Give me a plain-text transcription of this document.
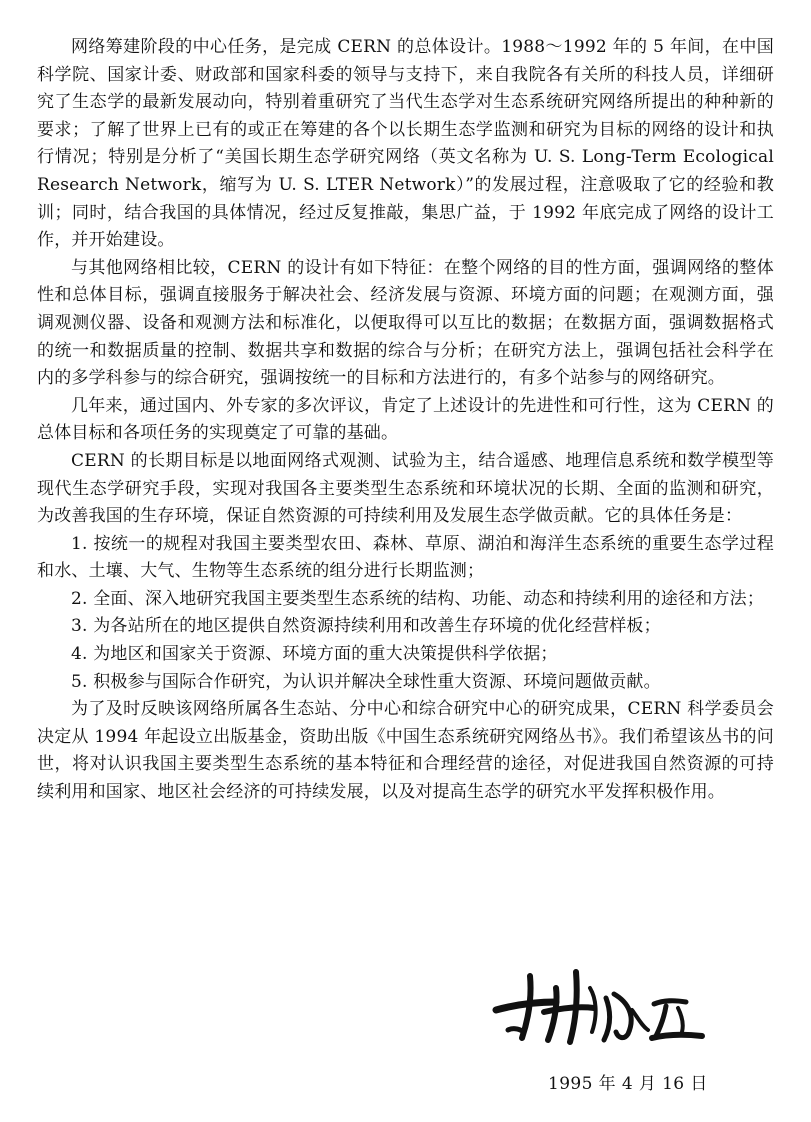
网络筹建阶段的中心任务，是完成 CERN 的总体设计。1988～1992 年的 5 年间，在中国科学院、国家计委、财政部和国家科委的领导与支持下，来自我院各有关所的科技人员，详细研究了生态学的最新发展动向，特别着重研究了当代生态学对生态系统研究网络所提出的种种新的要求；了解了世界上已有的或正在筹建的各个以长期生态学监测和研究为目标的网络的设计和执行情况；特别是分析了“美国长期生态学研究网络（英文名称为 U. S. Long-Term Ecological Research Network，缩写为 U. S. LTER Network）”的发展过程，注意吸取了它的经验和教训；同时，结合我国的具体情况，经过反复推敲，集思广益，于 1992 年底完成了网络的设计工作，并开始建设。

与其他网络相比较，CERN 的设计有如下特征：在整个网络的目的性方面，强调网络的整体性和总体目标，强调直接服务于解决社会、经济发展与资源、环境方面的问题；在观测方面，强调观测仪器、设备和观测方法和标准化，以便取得可以互比的数据；在数据方面，强调数据格式的统一和数据质量的控制、数据共享和数据的综合与分析；在研究方法上，强调包括社会科学在内的多学科参与的综合研究，强调按统一的目标和方法进行的，有多个站参与的网络研究。

几年来，通过国内、外专家的多次评议，肯定了上述设计的先进性和可行性，这为 CERN 的总体目标和各项任务的实现奠定了可靠的基础。

CERN 的长期目标是以地面网络式观测、试验为主，结合遥感、地理信息系统和数学模型等现代生态学研究手段，实现对我国各主要类型生态系统和环境状况的长期、全面的监测和研究，为改善我国的生存环境，保证自然资源的可持续利用及发展生态学做贡献。它的具体任务是：

1. 按统一的规程对我国主要类型农田、森林、草原、湖泊和海洋生态系统的重要生态学过程和水、土壤、大气、生物等生态系统的组分进行长期监测；

2. 全面、深入地研究我国主要类型生态系统的结构、功能、动态和持续利用的途径和方法；

3. 为各站所在的地区提供自然资源持续利用和改善生存环境的优化经营样板；

4. 为地区和国家关于资源、环境方面的重大决策提供科学依据；

5. 积极参与国际合作研究，为认识并解决全球性重大资源、环境问题做贡献。

为了及时反映该网络所属各生态站、分中心和综合研究中心的研究成果，CERN 科学委员会决定从 1994 年起设立出版基金，资助出版《中国生态系统研究网络丛书》。我们希望该丛书的问世，将对认识我国主要类型生态系统的基本特征和合理经营的途径，对促进我国自然资源的可持续利用和国家、地区社会经济的可持续发展，以及对提高生态学的研究水平发挥积极作用。

1995 年 4 月 16 日
